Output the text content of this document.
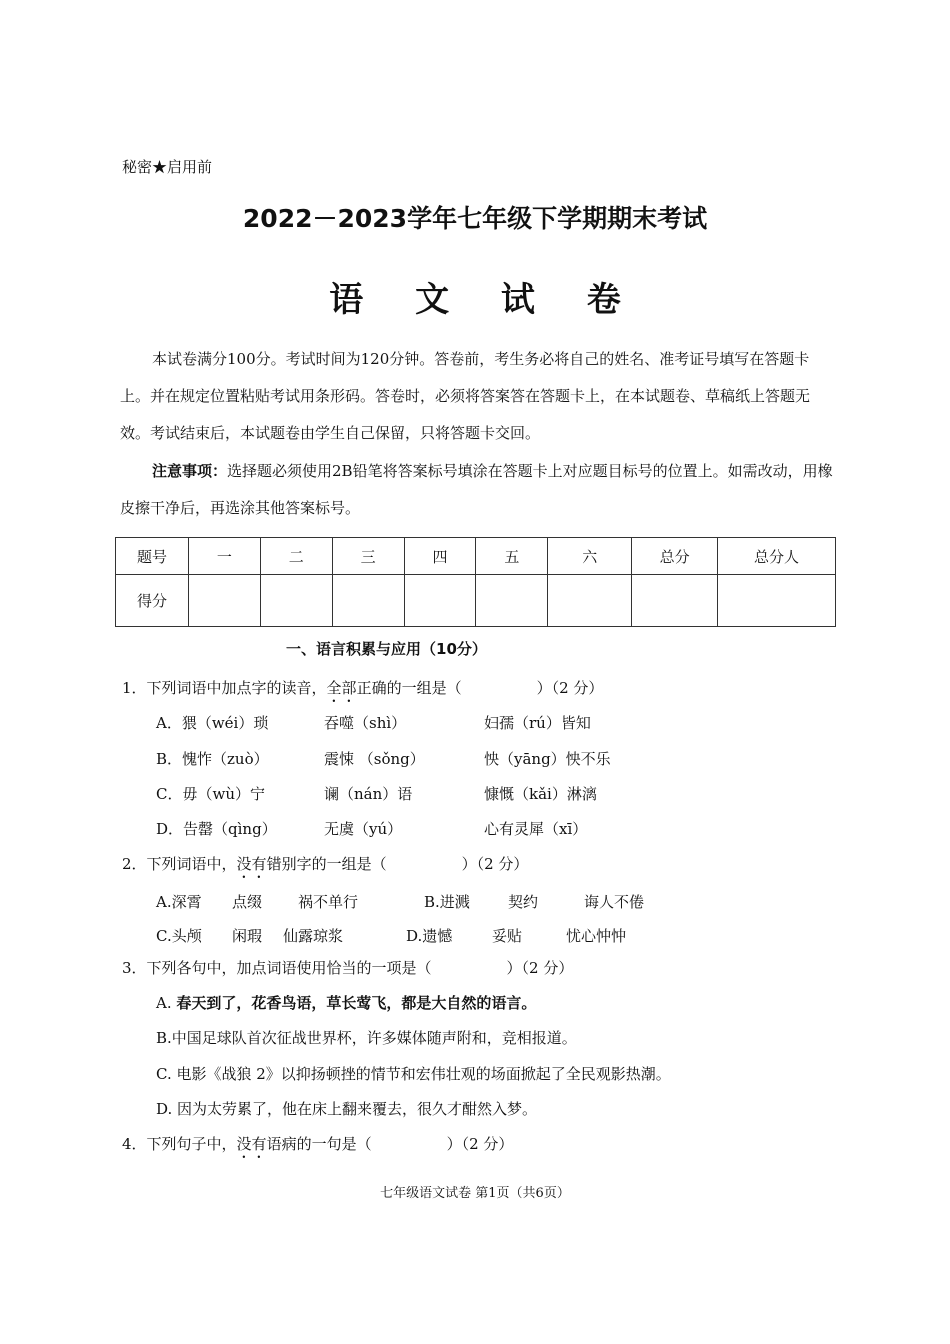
秘密★启用前
2022－2023学年七年级下学期期末考试
语 文 试 卷
本试卷满分100分。考试时间为120分钟。答卷前，考生务必将自己的姓名、准考证号填写在答题卡上。并在规定位置粘贴考试用条形码。答卷时，必须将答案答在答题卡上，在本试题卷、草稿纸上答题无效。考试结束后，本试题卷由学生自己保留，只将答题卡交回。
注意事项：选择题必须使用2B铅笔将答案标号填涂在答题卡上对应题目标号的位置上。如需改动，用橡皮擦干净后，再选涂其他答案标号。
题号	一	二	三	四	五	六	总分	总分人
得分								
一、语言积累与应用（10分）
1．下列词语中加点字的读音，全部正确的一组是（　　　　　）（2 分）
A．猥（wéi）琐	吞噬（shì）	妇孺（rú）皆知
B．愧怍（zuò）	震悚 （sǒng）	怏（yāng）怏不乐
C．毋（wù）宁	谰（nán）语	慷慨（kǎi）淋漓
D．告罄（qìng）	无虞（yú）	心有灵犀（xī）
2．下列词语中，没有错别字的一组是（　　　　　）（2 分）
A.深霄 点缀 祸不单行	B.进溅	契约	诲人不倦
C.头颅 闲瑕 仙露琼浆	D.遗憾	妥贴	忧心忡忡
3．下列各句中，加点词语使用恰当的一项是（　　　　　）（2 分）
A. 春天到了，花香鸟语，草长莺飞，都是大自然的语言。
B.中国足球队首次征战世界杯，许多媒体随声附和，竞相报道。
C. 电影《战狼 2》以抑扬顿挫的情节和宏伟壮观的场面掀起了全民观影热潮。
D. 因为太劳累了，他在床上翻来覆去，很久才酣然入梦。
4．下列句子中，没有语病的一句是（　　　　　）（2 分）
七年级语文试卷 第1页（共6页）
